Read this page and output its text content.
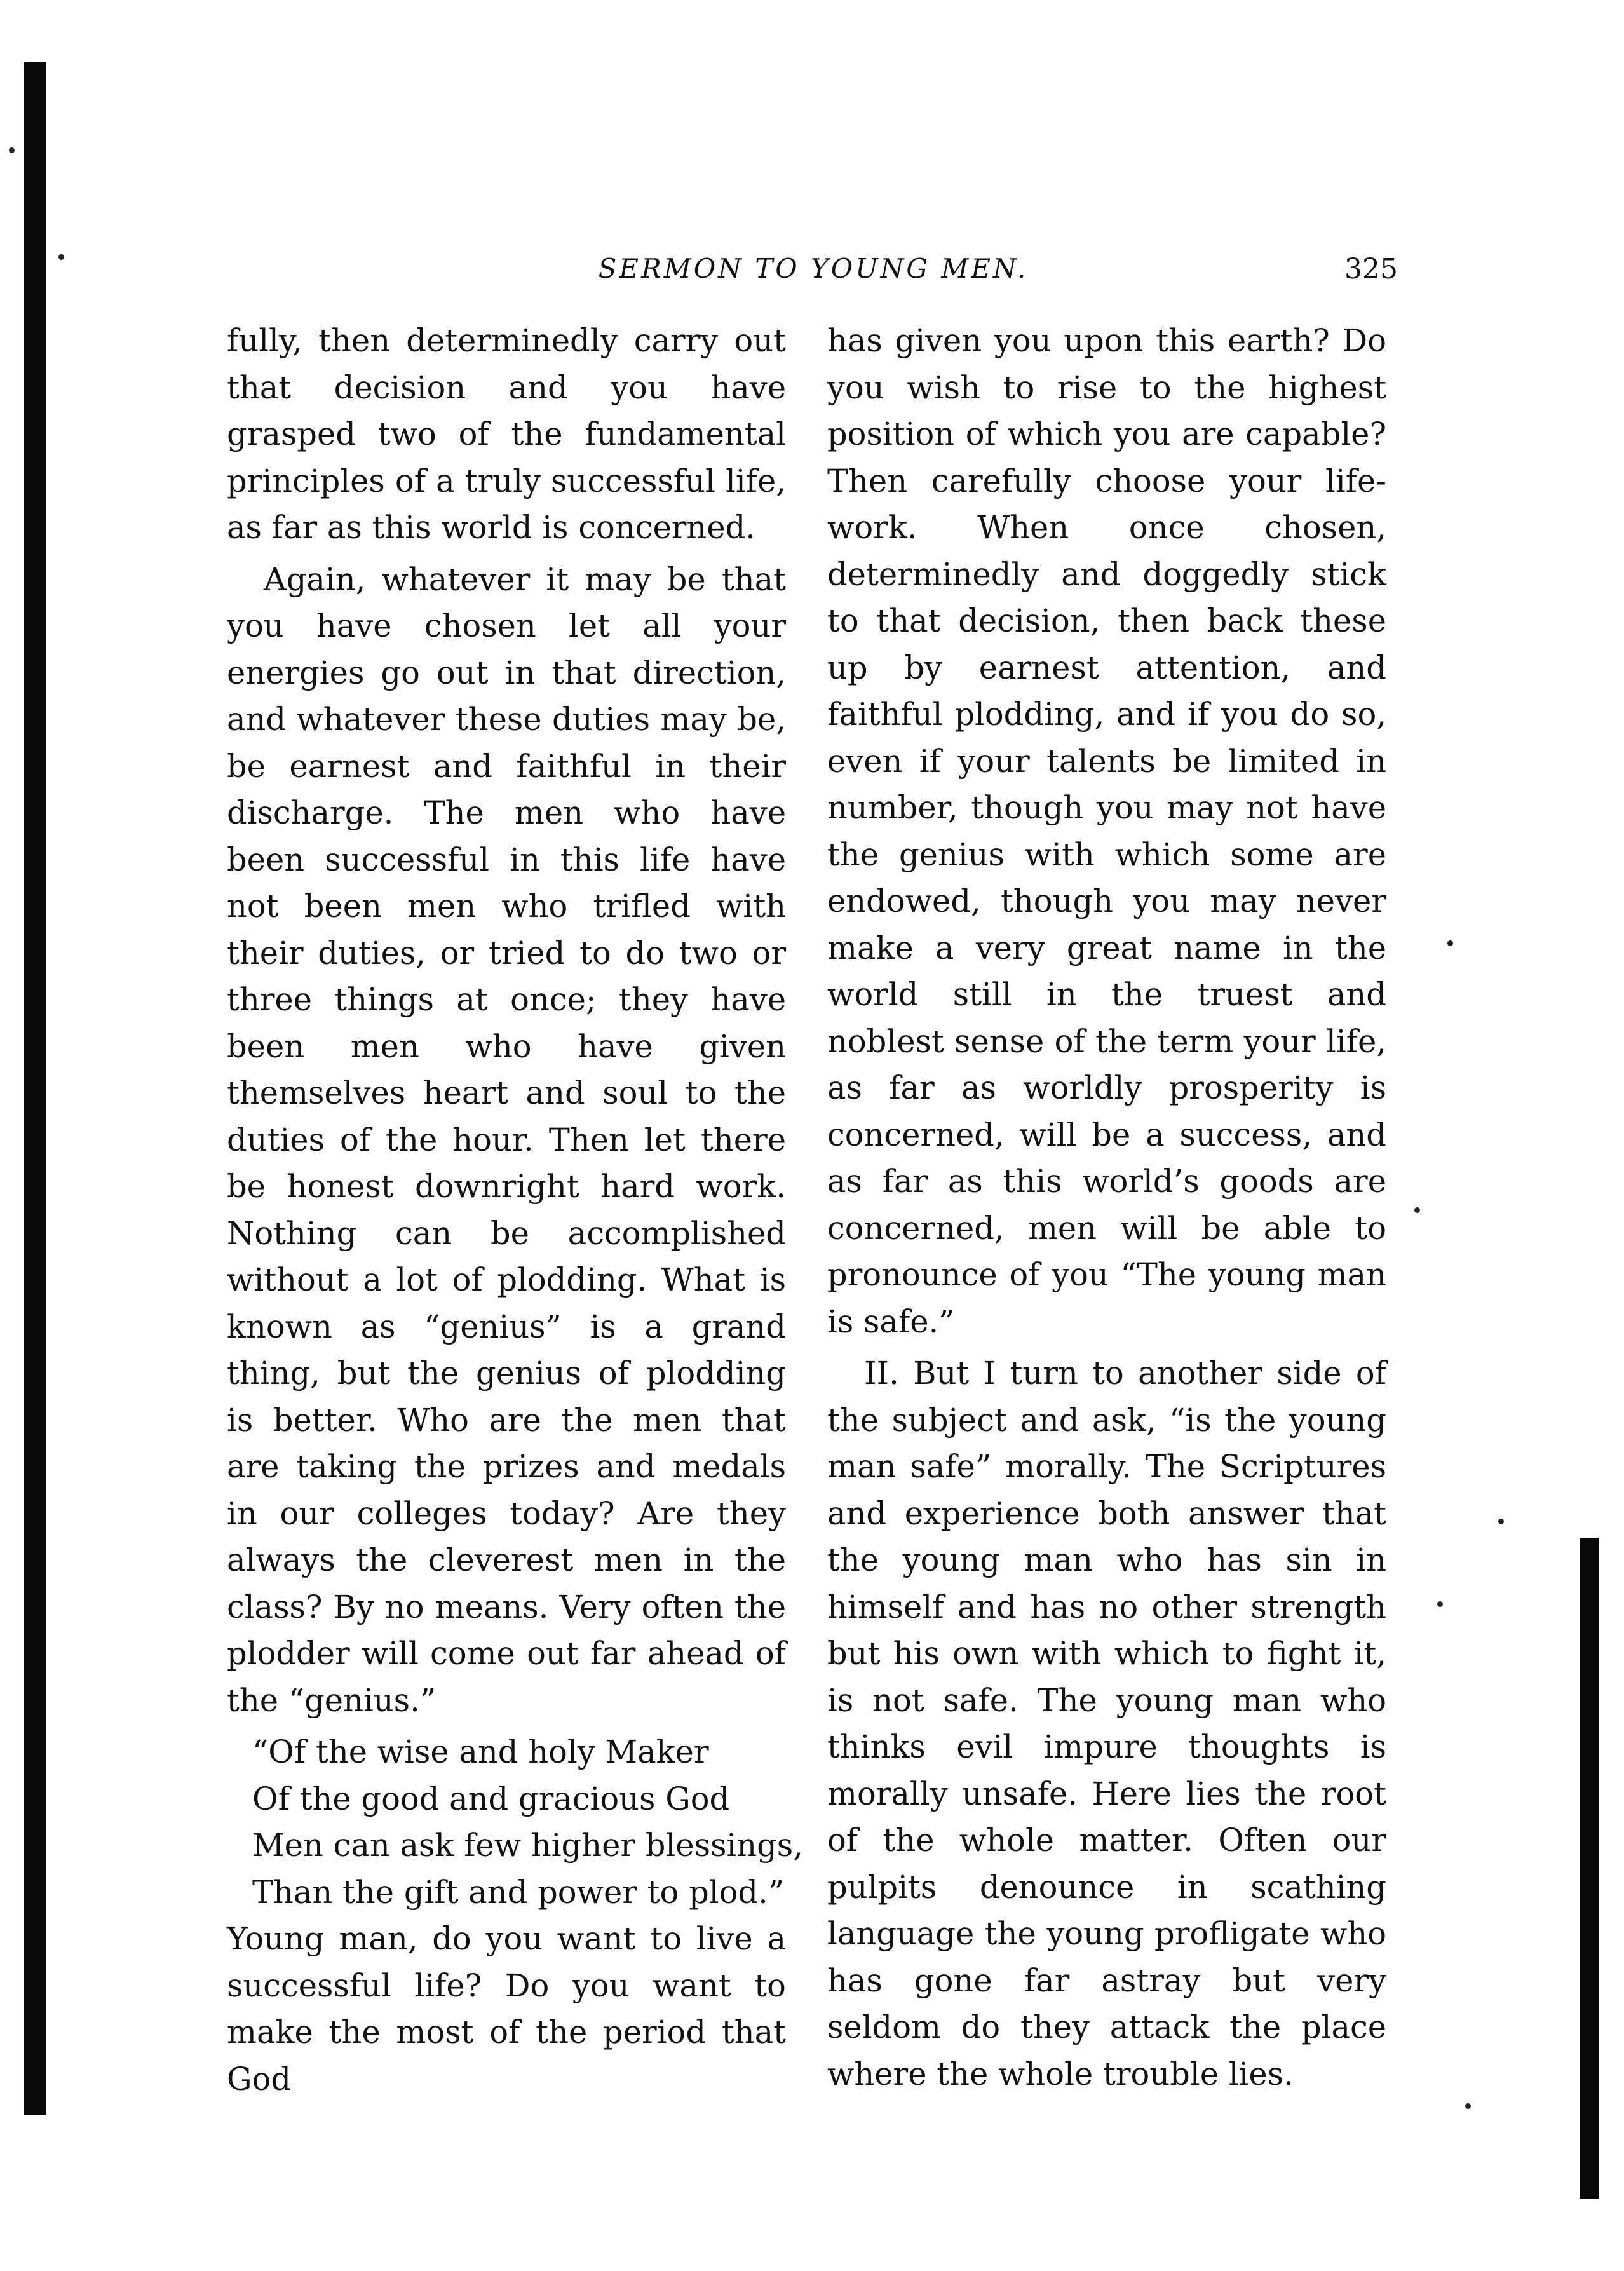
SERMON TO YOUNG MEN.	325

fully, then determinedly carry out that decision and you have grasped two of the fundamental principles of a truly successful life, as far as this world is concerned.

Again, whatever it may be that you have chosen let all your energies go out in that direction, and whatever these duties may be, be earnest and faithful in their discharge. The men who have been successful in this life have not been men who trifled with their duties, or tried to do two or three things at once; they have been men who have given themselves heart and soul to the duties of the hour. Then let there be honest downright hard work. Nothing can be accomplished without a lot of plodding. What is known as “genius” is a grand thing, but the genius of plodding is better. Who are the men that are taking the prizes and medals in our colleges today? Are they always the cleverest men in the class? By no means. Very often the plodder will come out far ahead of the “genius.”

“Of the wise and holy Maker
Of the good and gracious God
Men can ask few higher blessings,
Than the gift and power to plod.”

Young man, do you want to live a successful life? Do you want to make the most of the period that God

has given you upon this earth? Do you wish to rise to the highest position of which you are capable? Then carefully choose your life-work. When once chosen, determinedly and doggedly stick to that decision, then back these up by earnest attention, and faithful plodding, and if you do so, even if your talents be limited in number, though you may not have the genius with which some are endowed, though you may never make a very great name in the world still in the truest and noblest sense of the term your life, as far as worldly prosperity is concerned, will be a success, and as far as this world’s goods are concerned, men will be able to pronounce of you “The young man is safe.”

II. But I turn to another side of the subject and ask, “is the young man safe” morally. The Scriptures and experience both answer that the young man who has sin in himself and has no other strength but his own with which to fight it, is not safe. The young man who thinks evil impure thoughts is morally unsafe. Here lies the root of the whole matter. Often our pulpits denounce in scathing language the young profligate who has gone far astray but very seldom do they attack the place where the whole trouble lies.
